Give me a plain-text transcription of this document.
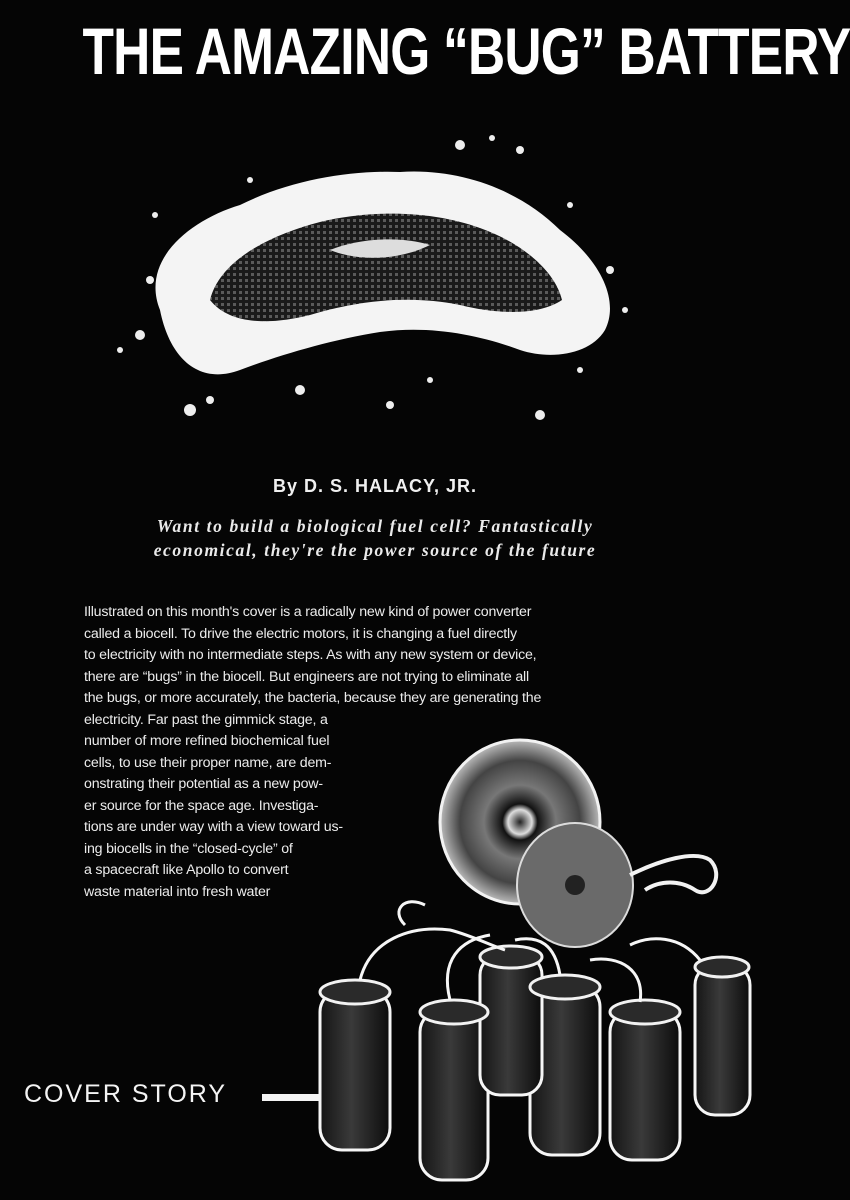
THE AMAZING “BUG” BATTERY
By D. S. HALACY, JR.
Want to build a biological fuel cell? Fantastically
economical, they're the power source of the future
Illustrated on this month's cover is a radically new kind of power converter
called a biocell. To drive the electric motors, it is changing a fuel directly
to electricity with no intermediate steps. As with any new system or device,
there are “bugs” in the biocell. But engineers are not trying to eliminate all
the bugs, or more accurately, the bacteria, because they are generating the
electricity. Far past the gimmick stage, a
number of more refined biochemical fuel
cells, to use their proper name, are dem-
onstrating their potential as a new pow-
er source for the space age. Investiga-
tions are under way with a view toward us-
ing biocells in the “closed-cycle” of
a spacecraft like Apollo to convert
waste material into fresh water
COVER STORY
